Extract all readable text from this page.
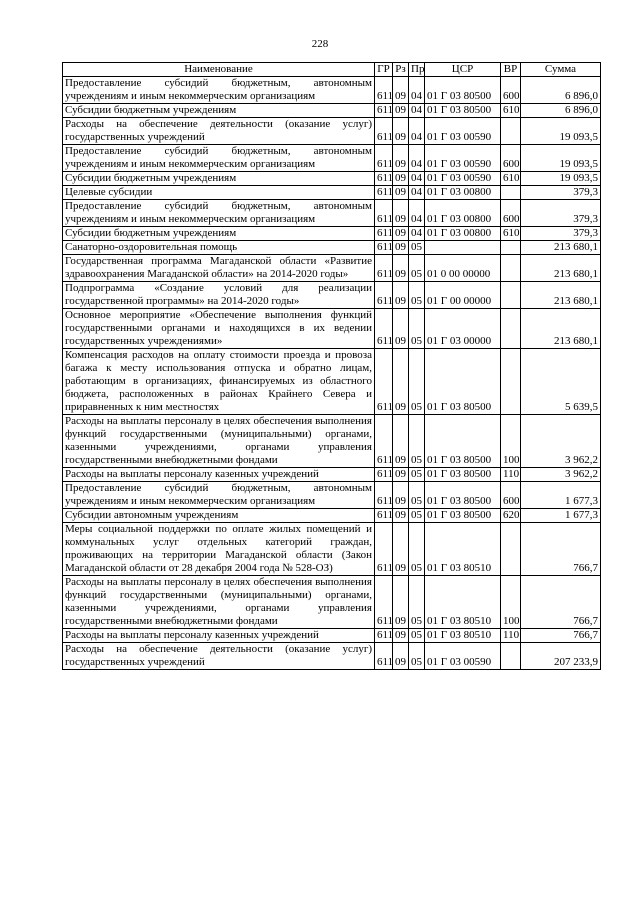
228
Наименование	ГР	Рз	Пр	ЦСР	ВР	Сумма
Предоставление субсидий бюджетным, автономным учреждениям и иным некоммерческим организациям	611	09	04	01 Г 03 80500	600	6 896,0
Субсидии бюджетным учреждениям	611	09	04	01 Г 03 80500	610	6 896,0
Расходы на обеспечение деятельности (оказание услуг) государственных учреждений	611	09	04	01 Г 03 00590		19 093,5
Предоставление субсидий бюджетным, автономным учреждениям и иным некоммерческим организациям	611	09	04	01 Г 03 00590	600	19 093,5
Субсидии бюджетным учреждениям	611	09	04	01 Г 03 00590	610	19 093,5
Целевые субсидии	611	09	04	01 Г 03 00800		379,3
Предоставление субсидий бюджетным, автономным учреждениям и иным некоммерческим организациям	611	09	04	01 Г 03 00800	600	379,3
Субсидии бюджетным учреждениям	611	09	04	01 Г 03 00800	610	379,3
Санаторно-оздоровительная помощь	611	09	05			213 680,1
Государственная программа Магаданской области «Развитие здравоохранения Магаданской области» на 2014-2020 годы»	611	09	05	01 0 00 00000		213 680,1
Подпрограмма «Создание условий для реализации государственной программы» на 2014-2020 годы»	611	09	05	01 Г 00 00000		213 680,1
Основное мероприятие «Обеспечение выполнения функций государственными органами и находящихся в их ведении государственных учреждениями»	611	09	05	01 Г 03 00000		213 680,1
Компенсация расходов на оплату стоимости проезда и провоза багажа к месту использования отпуска и обратно лицам, работающим в организациях, финансируемых из областного бюджета, расположенных в районах Крайнего Севера и приравненных к ним местностях	611	09	05	01 Г 03 80500		5 639,5
Расходы на выплаты персоналу в целях обеспечения выполнения функций государственными (муниципальными) органами, казенными учреждениями, органами управления государственными внебюджетными фондами	611	09	05	01 Г 03 80500	100	3 962,2
Расходы на выплаты персоналу казенных учреждений	611	09	05	01 Г 03 80500	110	3 962,2
Предоставление субсидий бюджетным, автономным учреждениям и иным некоммерческим организациям	611	09	05	01 Г 03 80500	600	1 677,3
Субсидии автономным учреждениям	611	09	05	01 Г 03 80500	620	1 677,3
Меры социальной поддержки по оплате жилых помещений и коммунальных услуг отдельных категорий граждан, проживающих на территории Магаданской области (Закон Магаданской области от 28 декабря 2004 года № 528-ОЗ)	611	09	05	01 Г 03 80510		766,7
Расходы на выплаты персоналу в целях обеспечения выполнения функций государственными (муниципальными) органами, казенными учреждениями, органами управления государственными внебюджетными фондами	611	09	05	01 Г 03 80510	100	766,7
Расходы на выплаты персоналу казенных учреждений	611	09	05	01 Г 03 80510	110	766,7
Расходы на обеспечение деятельности (оказание услуг) государственных учреждений	611	09	05	01 Г 03 00590		207 233,9
